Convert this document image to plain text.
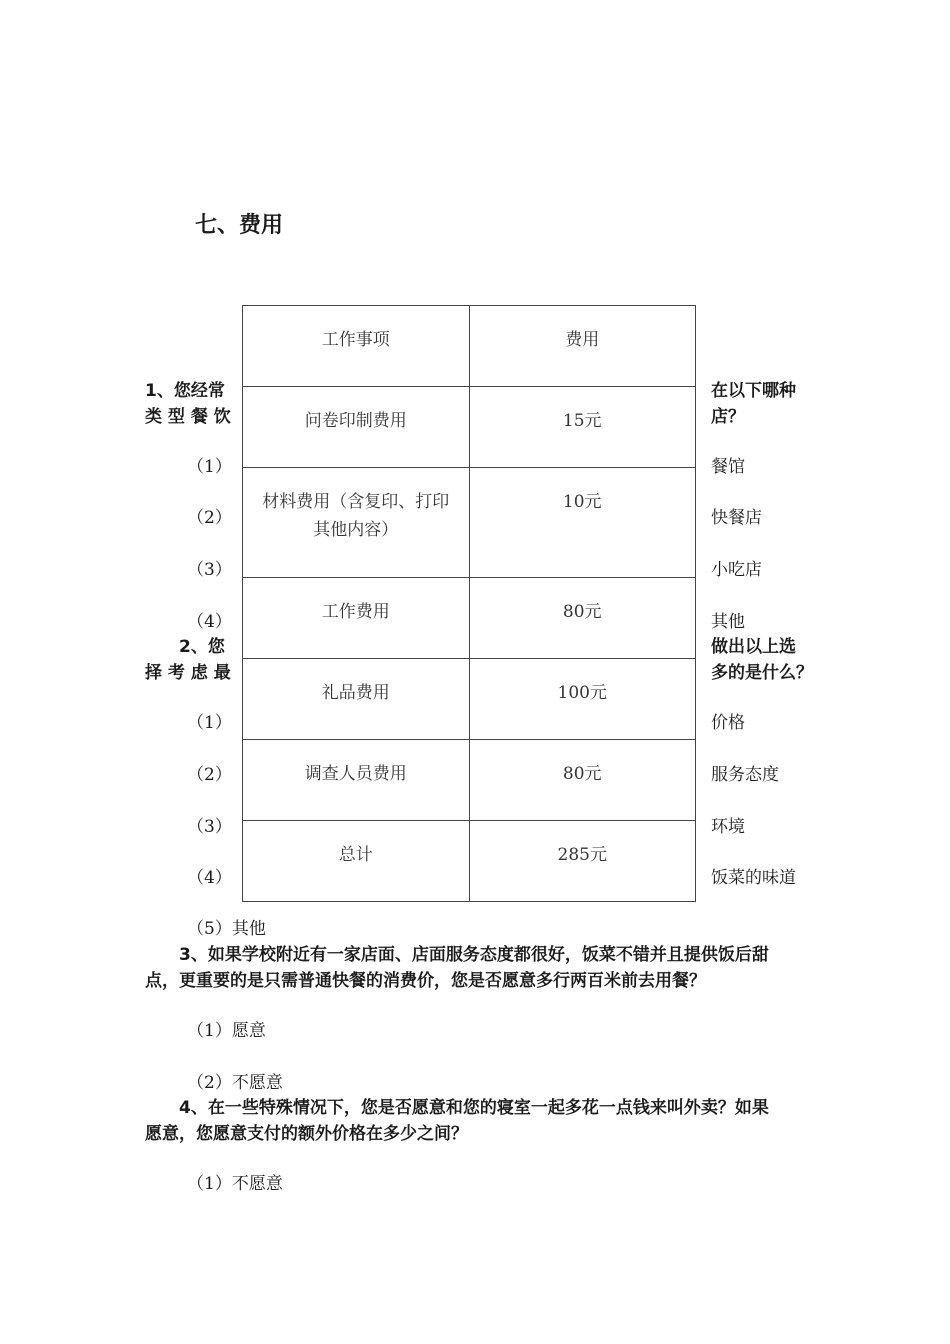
七、费用
1、您经常
类 型 餐 饮
在以下哪种
店？
（1）	餐馆
（2）	快餐店
（3）	小吃店
（4）	其他
2、您
择 考 虑 最
做出以上选
多的是什么？
（1）	价格
（2）	服务态度
（3）	环境
（4）	饭菜的味道
（5）其他
工作事项	费用

问卷印制费用	15元

材料费用（含复印、打印
其他内容）	10元

工作费用	80元

礼品费用	100元

调查人员费用	80元

总计	285元
3、如果学校附近有一家店面、店面服务态度都很好，饭菜不错并且提供饭后甜
点，更重要的是只需普通快餐的消费价，您是否愿意多行两百米前去用餐？
（1）愿意
（2）不愿意
4、在一些特殊情况下，您是否愿意和您的寝室一起多花一点钱来叫外卖？如果
愿意，您愿意支付的额外价格在多少之间？
（1）不愿意
